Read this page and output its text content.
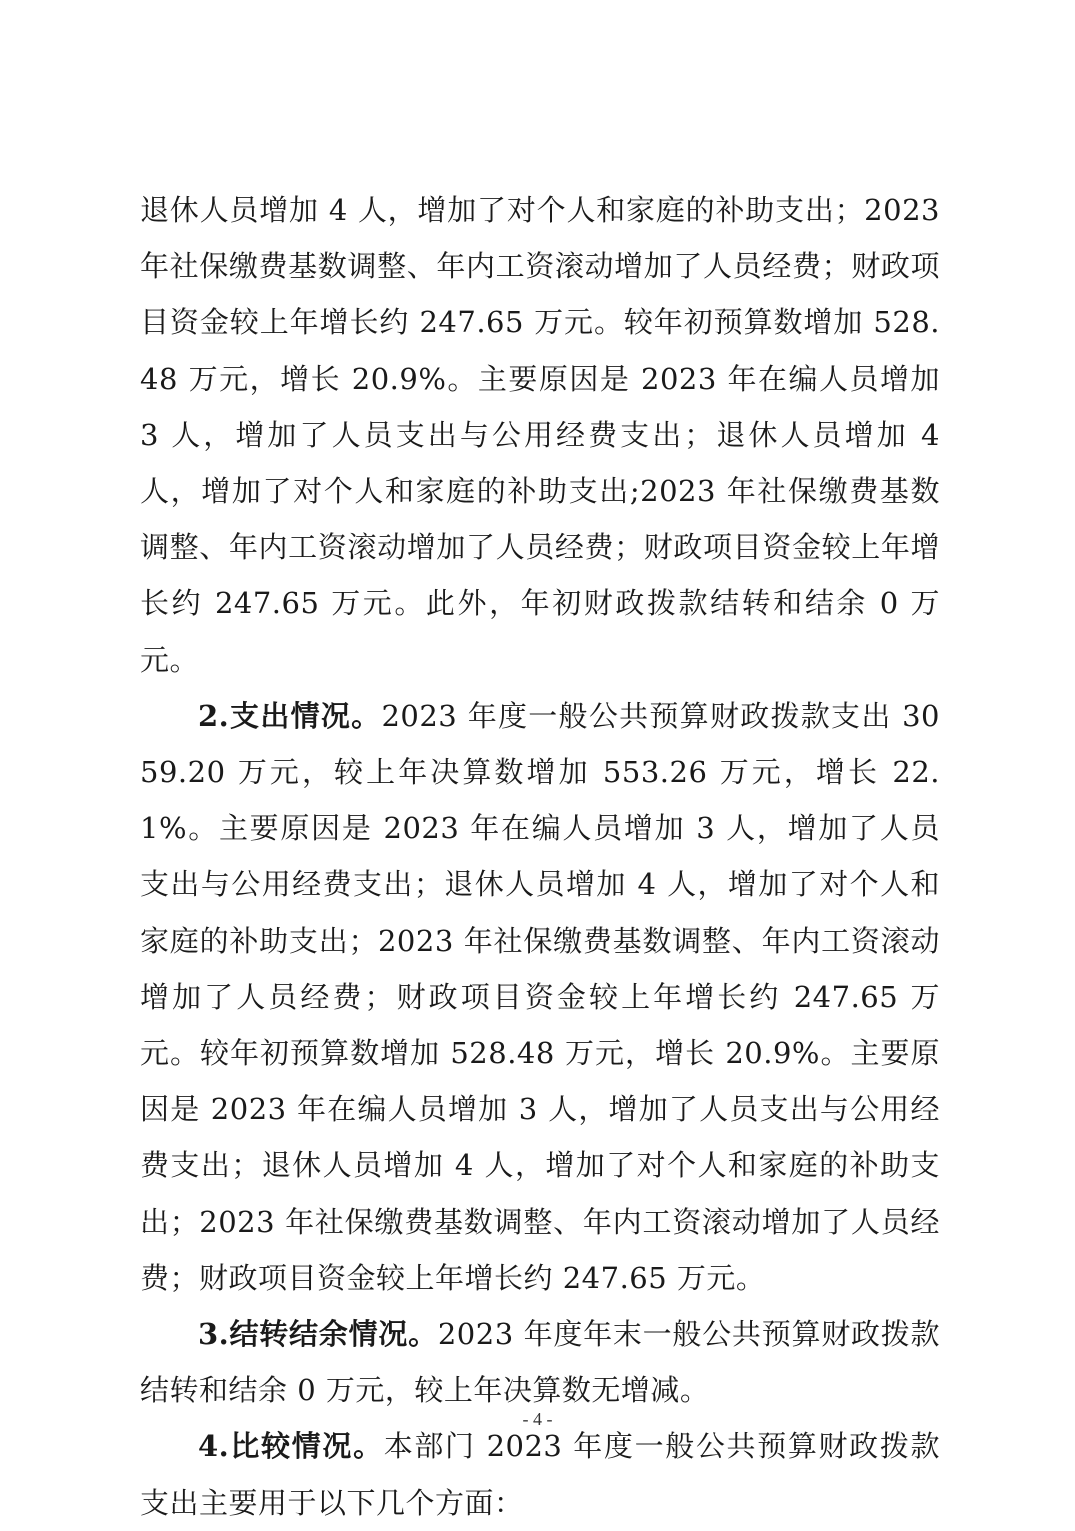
退休人员增加 4 人，增加了对个人和家庭的补助支出；2023 年社保缴费基数调整、年内工资滚动增加了人员经费；财政项目资金较上年增长约 247.65 万元。较年初预算数增加 528.48 万元，增长 20.9%。主要原因是 2023 年在编人员增加 3 人，增加了人员支出与公用经费支出；退休人员增加 4 人，增加了对个人和家庭的补助支出;2023 年社保缴费基数调整、年内工资滚动增加了人员经费；财政项目资金较上年增长约 247.65 万元。此外，年初财政拨款结转和结余 0 万元。

2.支出情况。2023 年度一般公共预算财政拨款支出 3059.20 万元，较上年决算数增加 553.26 万元，增长 22.1%。主要原因是 2023 年在编人员增加 3 人，增加了人员支出与公用经费支出；退休人员增加 4 人，增加了对个人和家庭的补助支出；2023 年社保缴费基数调整、年内工资滚动增加了人员经费；财政项目资金较上年增长约 247.65 万元。较年初预算数增加 528.48 万元，增长 20.9%。主要原因是 2023 年在编人员增加 3 人，增加了人员支出与公用经费支出；退休人员增加 4 人，增加了对个人和家庭的补助支出；2023 年社保缴费基数调整、年内工资滚动增加了人员经费；财政项目资金较上年增长约 247.65 万元。

3.结转结余情况。2023 年度年末一般公共预算财政拨款结转和结余 0 万元，较上年决算数无增减。

4.比较情况。本部门 2023 年度一般公共预算财政拨款支出主要用于以下几个方面：

- 4 -
